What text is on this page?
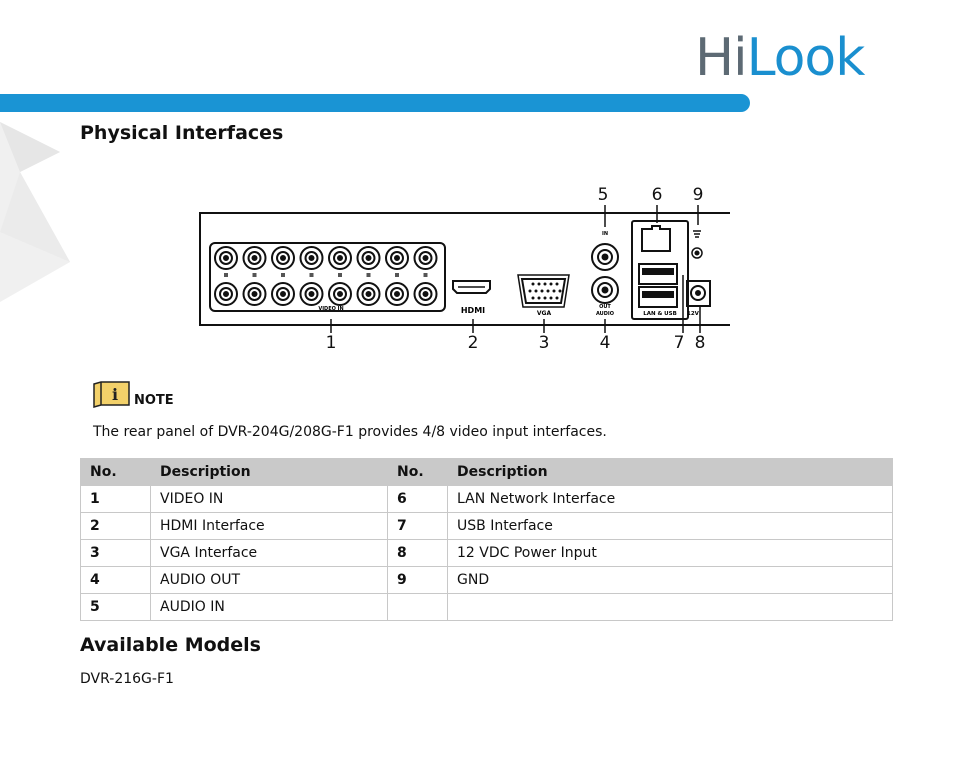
HiLook
Physical Interfaces
HDMI	VGA
IN
OUT
AUDIO	LAN & USB 12V
1	2	3	4
5	6
7 8
9
VIDEO IN
i NOTE
The rear panel of DVR-204G/208G-F1 provides 4/8 video input interfaces.
No.	Description	No.	Description
1	VIDEO IN	6	LAN Network Interface
2	HDMI Interface	7	USB Interface
3	VGA Interface	8	12 VDC Power Input
4	AUDIO OUT	9	GND
5	AUDIO IN		
Available Models
DVR-216G-F1
